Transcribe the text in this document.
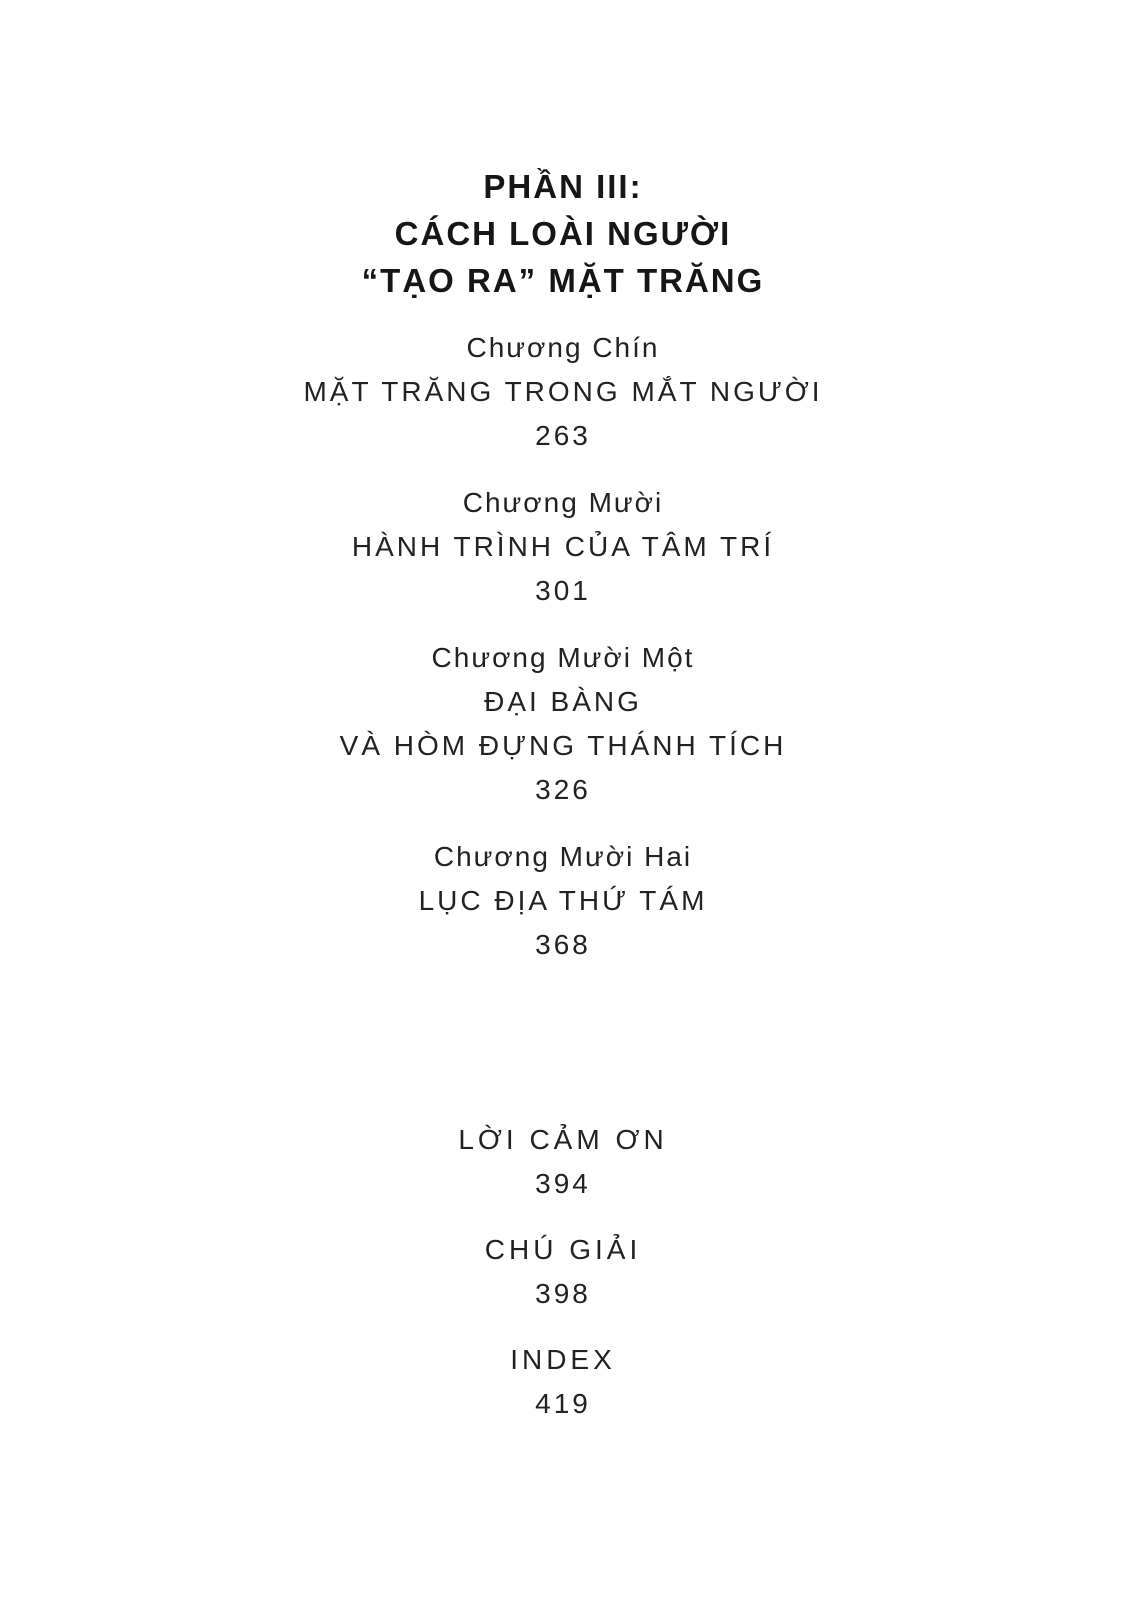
PHẦN III:
CÁCH LOÀI NGƯỜI
“TẠO RA” MẶT TRĂNG
Chương Chín
MẶT TRĂNG TRONG MẮT NGƯỜI
263
Chương Mười
HÀNH TRÌNH CỦA TÂM TRÍ
301
Chương Mười Một
ĐẠI BÀNG
VÀ HÒM ĐỰNG THÁNH TÍCH
326
Chương Mười Hai
LỤC ĐỊA THỨ TÁM
368
LỜI CẢM ƠN
394
CHÚ GIẢI
398
INDEX
419
